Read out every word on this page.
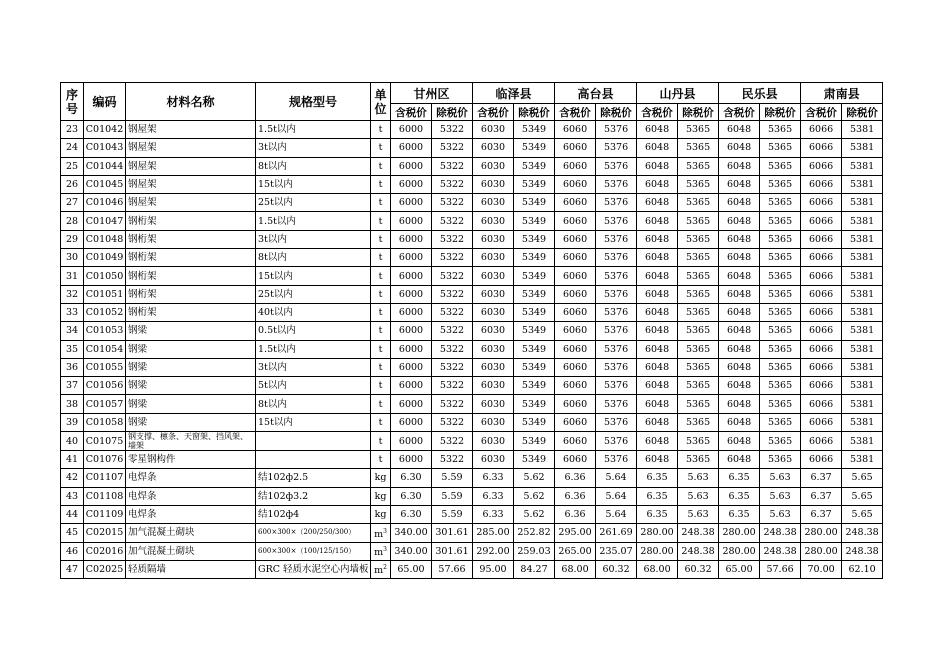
序号	编码	材料名称	规格型号	单位	甘州区		临泽县		高台县		山丹县		民乐县		肃南县	
					含税价	除税价	含税价	除税价	含税价	除税价	含税价	除税价	含税价	除税价	含税价	除税价
23	C01042	钢屋架	1.5t以内	t	6000	5322	6030	5349	6060	5376	6048	5365	6048	5365	6066	5381
24	C01043	钢屋架	3t以内	t	6000	5322	6030	5349	6060	5376	6048	5365	6048	5365	6066	5381
25	C01044	钢屋架	8t以内	t	6000	5322	6030	5349	6060	5376	6048	5365	6048	5365	6066	5381
26	C01045	钢屋架	15t以内	t	6000	5322	6030	5349	6060	5376	6048	5365	6048	5365	6066	5381
27	C01046	钢屋架	25t以内	t	6000	5322	6030	5349	6060	5376	6048	5365	6048	5365	6066	5381
28	C01047	钢桁架	1.5t以内	t	6000	5322	6030	5349	6060	5376	6048	5365	6048	5365	6066	5381
29	C01048	钢桁架	3t以内	t	6000	5322	6030	5349	6060	5376	6048	5365	6048	5365	6066	5381
30	C01049	钢桁架	8t以内	t	6000	5322	6030	5349	6060	5376	6048	5365	6048	5365	6066	5381
31	C01050	钢桁架	15t以内	t	6000	5322	6030	5349	6060	5376	6048	5365	6048	5365	6066	5381
32	C01051	钢桁架	25t以内	t	6000	5322	6030	5349	6060	5376	6048	5365	6048	5365	6066	5381
33	C01052	钢桁架	40t以内	t	6000	5322	6030	5349	6060	5376	6048	5365	6048	5365	6066	5381
34	C01053	钢梁	0.5t以内	t	6000	5322	6030	5349	6060	5376	6048	5365	6048	5365	6066	5381
35	C01054	钢梁	1.5t以内	t	6000	5322	6030	5349	6060	5376	6048	5365	6048	5365	6066	5381
36	C01055	钢梁	3t以内	t	6000	5322	6030	5349	6060	5376	6048	5365	6048	5365	6066	5381
37	C01056	钢梁	5t以内	t	6000	5322	6030	5349	6060	5376	6048	5365	6048	5365	6066	5381
38	C01057	钢梁	8t以内	t	6000	5322	6030	5349	6060	5376	6048	5365	6048	5365	6066	5381
39	C01058	钢梁	15t以内	t	6000	5322	6030	5349	6060	5376	6048	5365	6048	5365	6066	5381
40	C01075	钢支撑、檩条、天窗架、挡风架、墙架		t	6000	5322	6030	5349	6060	5376	6048	5365	6048	5365	6066	5381
41	C01076	零星钢构件		t	6000	5322	6030	5349	6060	5376	6048	5365	6048	5365	6066	5381
42	C01107	电焊条	结102ф2.5	kg	6.30	5.59	6.33	5.62	6.36	5.64	6.35	5.63	6.35	5.63	6.37	5.65
43	C01108	电焊条	结102ф3.2	kg	6.30	5.59	6.33	5.62	6.36	5.64	6.35	5.63	6.35	5.63	6.37	5.65
44	C01109	电焊条	结102ф4	kg	6.30	5.59	6.33	5.62	6.36	5.64	6.35	5.63	6.35	5.63	6.37	5.65
45	C02015	加气混凝土砌块	600×300×（200/250/300）	$m^3$	340.00	301.61	285.00	252.82	295.00	261.69	280.00	248.38	280.00	248.38	280.00	248.38
46	C02016	加气混凝土砌块	600×300×（100/125/150）	$m^3$	340.00	301.61	292.00	259.03	265.00	235.07	280.00	248.38	280.00	248.38	280.00	248.38
47	C02025	轻质隔墙	GRC 轻质水泥空心内墙板	$m^2$	65.00	57.66	95.00	84.27	68.00	60.32	68.00	60.32	65.00	57.66	70.00	62.10
